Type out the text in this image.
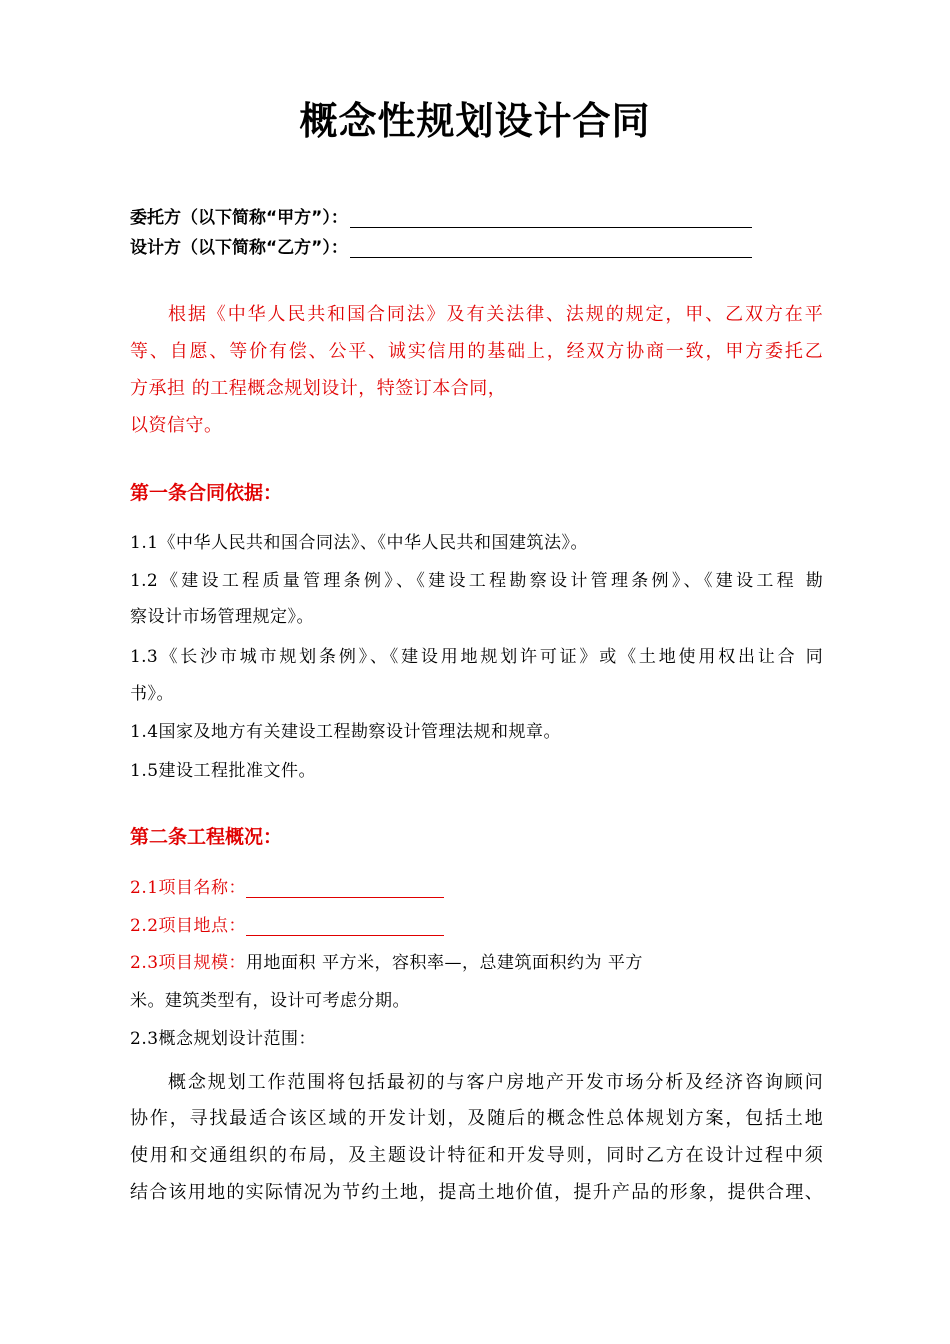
概念性规划设计合同
委托方（以下简称“甲方”）：
设计方（以下简称“乙方”）：
根据《中华人民共和国合同法》及有关法律、法规的规定，甲、乙双方在平
等、自愿、等价有偿、公平、诚实信用的基础上，经双方协商一致，甲方委托乙
方承担 的工程概念规划设计，特签订本合同，
以资信守。
第一条合同依据：
1.1《中华人民共和国合同法》、《中华人民共和国建筑法》。
1.2《建设工程质量管理条例》、《建设工程勘察设计管理条例》、《建设工程 勘
察设计市场管理规定》。
1.3《长沙市城市规划条例》、《建设用地规划许可证》或《土地使用权出让合 同
书》。
1.4国家及地方有关建设工程勘察设计管理法规和规章。
1.5建设工程批准文件。
第二条工程概况：
2.1项目名称：
2.2项目地点：
2.3项目规模：用地面积 平方米，容积率—，总建筑面积约为 平方
米。建筑类型有，设计可考虑分期。
2.3概念规划设计范围：
概念规划工作范围将包括最初的与客户房地产开发市场分析及经济咨询顾问
协作，寻找最适合该区域的开发计划，及随后的概念性总体规划方案，包括土地
使用和交通组织的布局，及主题设计特征和开发导则，同时乙方在设计过程中须
结合该用地的实际情况为节约土地，提高土地价值，提升产品的形象，提供合理、
